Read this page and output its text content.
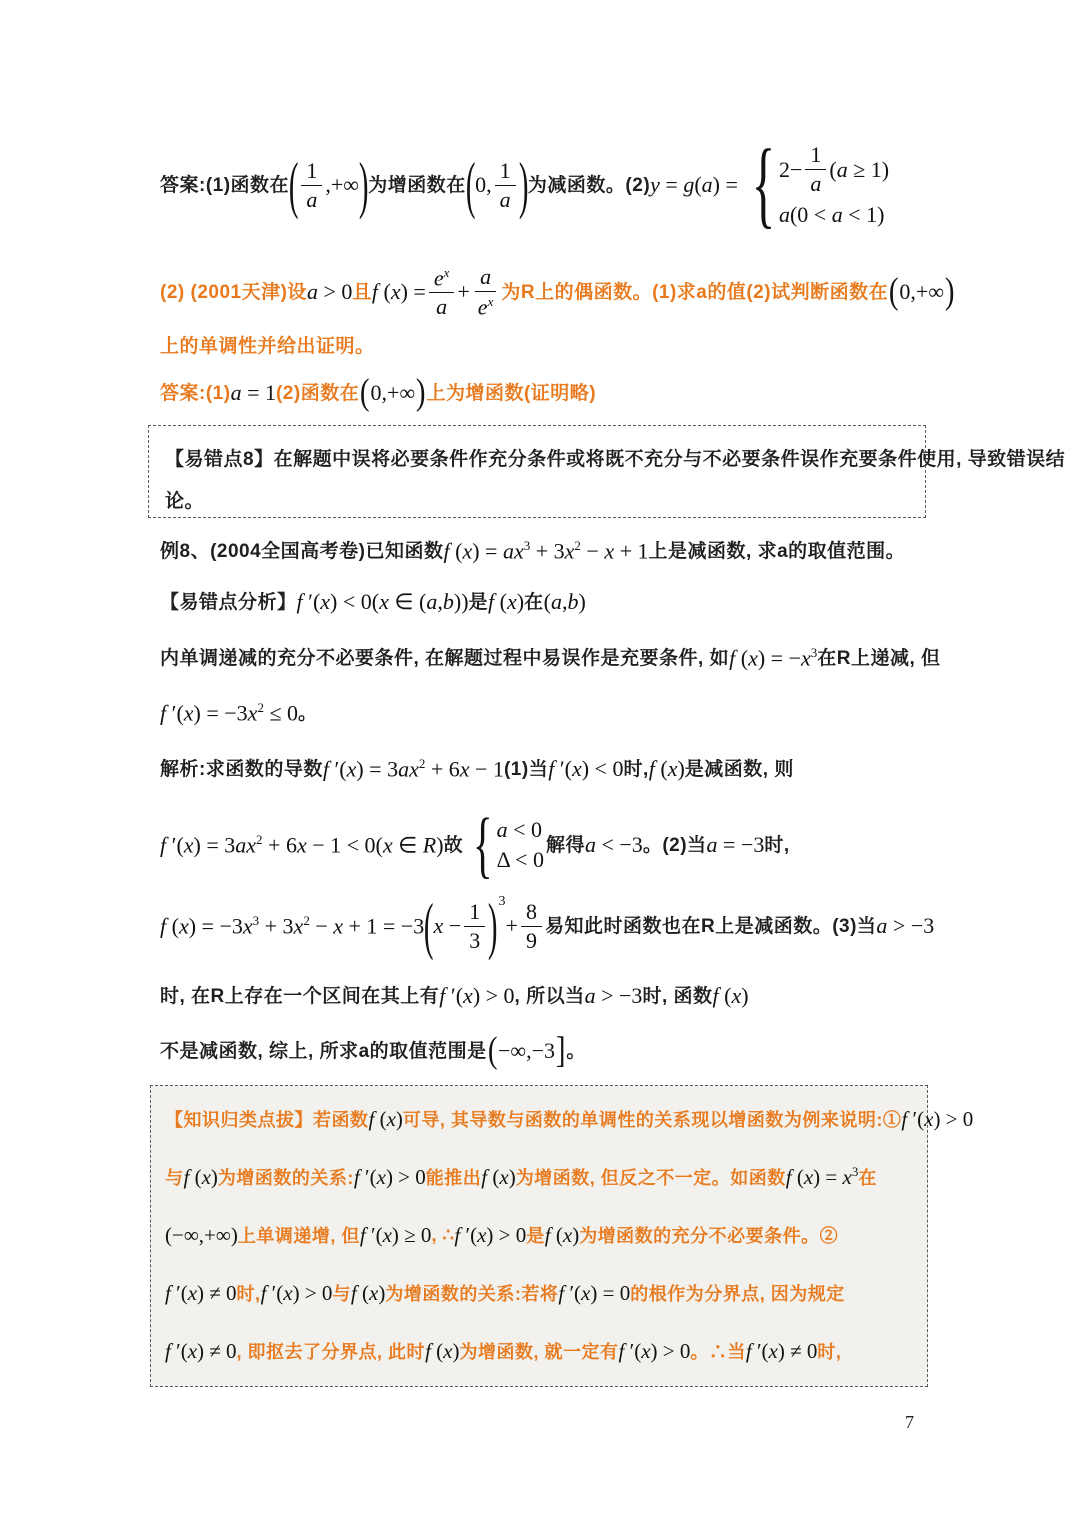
答案:(1)函数在 ( $\frac{1}{a}$ ,+∞ ) 为增函数在 ( 0, $\frac{1}{a}$ ) 为减函数。(2) y = g(a) = { $2- \frac{1}{a} (a \ge 1)$
a(0 < a < 1)
(2) (2001天津)设 a > 0 且 f $(x) = \frac{e^x}{a} + \frac{a}{e^x}$ 为R上的偶函数。(1)求a的值(2)试判断函数在 ( 0,+∞ )
上的单调性并给出证明。
答案:(1) a = 1 (2)函数在 ( 0,+∞ ) 上为增函数(证明略)
【易错点8】在解题中误将必要条件作充分条件或将既不充分与不必要条件误作充要条件使用, 导致错误结
论。
例8、(2004全国高考卷)已知函数 f $(x) = ax^3 + 3x^2 - x + 1$ 上是减函数, 求a的取值范围。
【易错点分析】 f ′(x) < 0(x ∈ (a,b)) 是 f (x) 在 (a,b)
内单调递减的充分不必要条件, 在解题过程中易误作是充要条件, 如 f $(x) = -x^3$ 在R上递减, 但
f $'(x) = -3x^2 \le 0$ 。
解析:求函数的导数 f $'(x) = 3ax^2 + 6x - 1$ (1)当 f ′(x) < 0 时, f (x) 是减函数, 则
f $'(x) = 3ax^2 + 6x - 1 < 0(x$ ∈ R) 故 { a < 0
Δ < 0
解得 a < −3 。(2)当 a = −3 时,
f $(x) = -3x^3 + 3x^2 - x + 1 = -3$ ( $x - \frac{1}{3}$ ) 3
+ $\frac{8}{9}$ 易知此时函数也在R上是减函数。(3)当 a > −3
时, 在R上存在一个区间在其上有 f ′(x) > 0 , 所以当 a > −3 时, 函数 f (x)
不是减函数, 综上, 所求a的取值范围是 ( −∞,−3 ] 。
【知识归类点拔】若函数 f (x) 可导, 其导数与函数的单调性的关系现以增函数为例来说明:① f ′(x) > 0
与 f (x) 为增函数的关系: f ′(x) > 0 能推出 f (x) 为增函数, 但反之不一定。如函数 f $(x) = x^3$ 在
(−∞,+∞) 上单调递增, 但 f ′(x) ≥ 0 , ∴ f ′(x) > 0 是 f (x) 为增函数的充分不必要条件。②
f ′(x) ≠ 0 时, f ′(x) > 0 与 f (x) 为增函数的关系:若将 f ′(x) = 0 的根作为分界点, 因为规定
f ′(x) ≠ 0 , 即抠去了分界点, 此时 f (x) 为增函数, 就一定有 f ′(x) > 0 。∴当 f ′(x) ≠ 0 时,
7
